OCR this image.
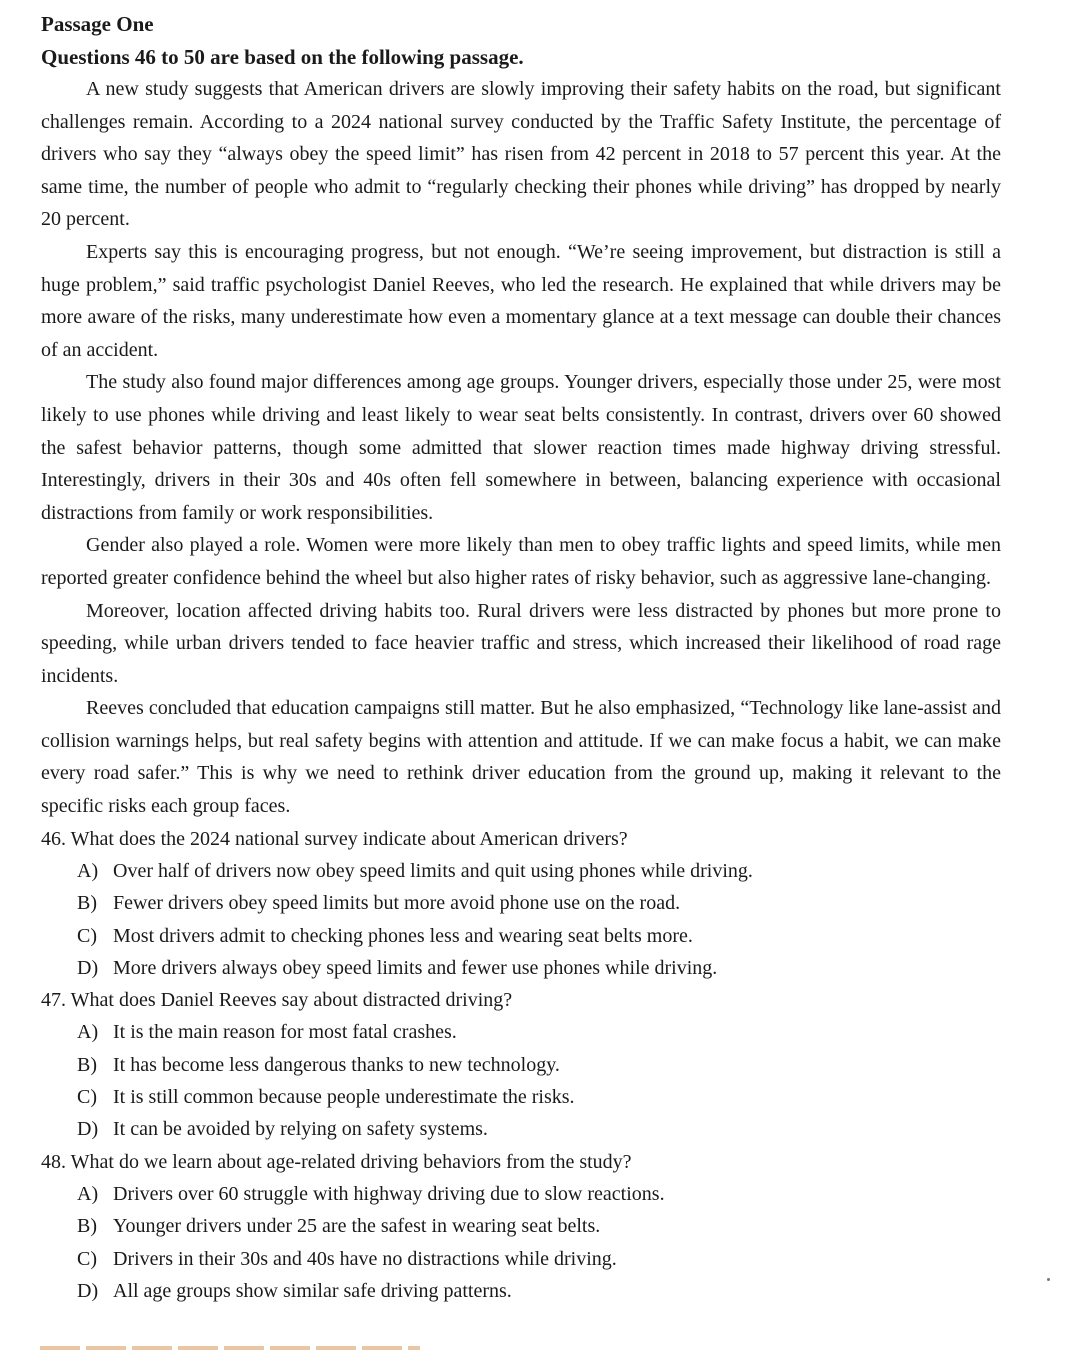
Passage One

Questions 46 to 50 are based on the following passage.

A new study suggests that American drivers are slowly improving their safety habits on the road, but significant challenges remain. According to a 2024 national survey conducted by the Traffic Safety Institute, the percentage of drivers who say they “always obey the speed limit” has risen from 42 percent in 2018 to 57 percent this year. At the same time, the number of people who admit to “regularly checking their phones while driving” has dropped by nearly 20 percent.

Experts say this is encouraging progress, but not enough. “We’re seeing improvement, but distraction is still a huge problem,” said traffic psychologist Daniel Reeves, who led the research. He explained that while drivers may be more aware of the risks, many underestimate how even a momentary glance at a text message can double their chances of an accident.

The study also found major differences among age groups. Younger drivers, especially those under 25, were most likely to use phones while driving and least likely to wear seat belts consistently. In contrast, drivers over 60 showed the safest behavior patterns, though some admitted that slower reaction times made highway driving stressful. Interestingly, drivers in their 30s and 40s often fell somewhere in between, balancing experience with occasional distractions from family or work responsibilities.

Gender also played a role. Women were more likely than men to obey traffic lights and speed limits, while men reported greater confidence behind the wheel but also higher rates of risky behavior, such as aggressive lane-changing.

Moreover, location affected driving habits too. Rural drivers were less distracted by phones but more prone to speeding, while urban drivers tended to face heavier traffic and stress, which increased their likelihood of road rage incidents.

Reeves concluded that education campaigns still matter. But he also emphasized, “Technology like lane-assist and collision warnings helps, but real safety begins with attention and attitude. If we can make focus a habit, we can make every road safer.” This is why we need to rethink driver education from the ground up, making it relevant to the specific risks each group faces.

46. What does the 2024 national survey indicate about American drivers?

A) Over half of drivers now obey speed limits and quit using phones while driving.
B) Fewer drivers obey speed limits but more avoid phone use on the road.
C) Most drivers admit to checking phones less and wearing seat belts more.
D) More drivers always obey speed limits and fewer use phones while driving.

47. What does Daniel Reeves say about distracted driving?

A) It is the main reason for most fatal crashes.
B) It has become less dangerous thanks to new technology.
C) It is still common because people underestimate the risks.
D) It can be avoided by relying on safety systems.

48. What do we learn about age-related driving behaviors from the study?

A) Drivers over 60 struggle with highway driving due to slow reactions.
B) Younger drivers under 25 are the safest in wearing seat belts.
C) Drivers in their 30s and 40s have no distractions while driving.
D) All age groups show similar safe driving patterns.
